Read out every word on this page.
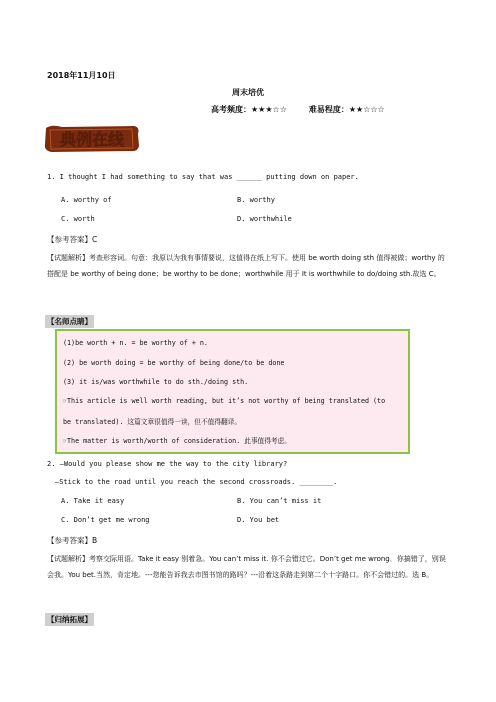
2018年11月10日
周末培优
高考频度：★★★☆☆	难易程度：★★☆☆☆
典例在线
1. I thought I had something to say that was ______ putting down on paper.
A. worthy of	B. worthy
C. worth	D. worthwhile
【参考答案】C
【试题解析】考查形容词。句意：我原以为我有事情要说，这值得在纸上写下。使用 be worth doing sth 值得被做；worthy 的搭配是 be worthy of being done；be worthy to be done；worthwhile 用于 It is worthwhile to do/doing sth.故选 C。
【名师点睛】
(1)be worth + n. = be worthy of + n.
(2) be worth doing = be worthy of being done/to be done
(3) it is/was worthwhile to do sth./doing sth.
☞This article is well worth reading, but it’s not worthy of being translated (to
be translated). 这篇文章很值得一读，但不值得翻译。
☞The matter is worth/worth of consideration. 此事值得考虑。
2. —Would you please show me the way to the city library?
—Stick to the road until you reach the second crossroads. ________.
A. Take it easy	B. You can’t miss it
C. Don’t get me wrong	D. You bet
【参考答案】B
【试题解析】考察交际用语。Take it easy 别着急。You can’t miss it. 你不会错过它。Don’t get me wrong．你搞错了，别误会我。You bet.当然，肯定地。---您能告诉我去市图书馆的路吗？---沿着这条路走到第二个十字路口。你不会错过的。选 B。
【归纳拓展】
